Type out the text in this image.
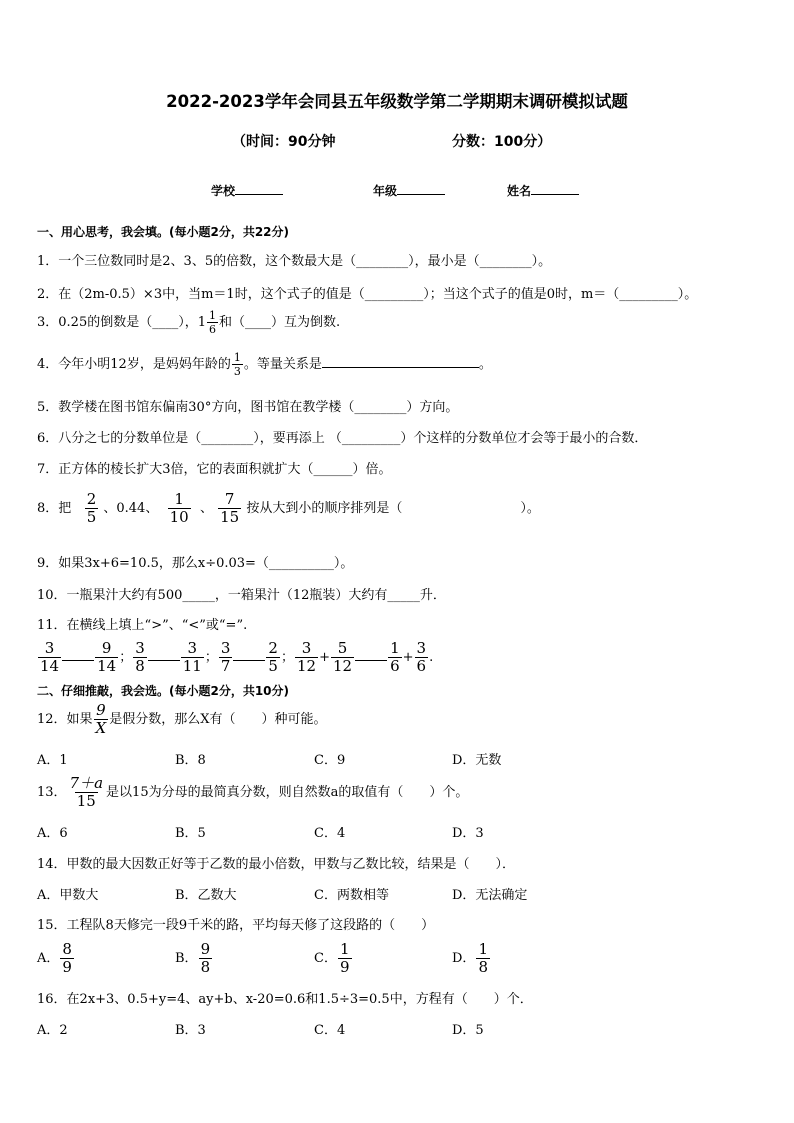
2022-2023学年会同县五年级数学第二学期期末调研模拟试题
（时间：90分钟	分数：100分）
学校	年级	姓名
一、用心思考，我会填。(每小题2分，共22分)
1．一个三位数同时是2、3、5的倍数，这个数最大是（________），最小是（________）。
2．在（2m-0.5）×3中，当m＝1时，这个式子的值是（_________）；当这个式子的值是0时，m＝（_________）。
3．0.25的倒数是（____），$1 \frac{1}{6}$ 和（____）互为倒数.
4．今年小明12岁，是妈妈年龄的 $\frac{1}{3}$ 。等量关系是	。
5．教学楼在图书馆东偏南30°方向，图书馆在教学楼（________）方向。
6．八分之七的分数单位是（________），要再添上 （_________）个这样的分数单位才会等于最小的合数．
7．正方体的棱长扩大3倍，它的表面积就扩大（______）倍。
8．把 $\frac{2}{5}$ 、0.44、 $\frac{1}{10}$ 、 $\frac{7}{15}$ 按从大到小的顺序排列是（	）。
9．如果3x+6=10.5，那么x÷0.03=（__________）。
10．一瓶果汁大约有500_____，一箱果汁（12瓶装）大约有_____升．
11．在横线上填上“>”、“<”或“=”.
$\frac{3}{14} \frac{9}{14}$ ； $\frac{3}{8} \frac{3}{11}$ ； $\frac{3}{7} \frac{2}{5}$ ； $\frac{3}{12} + \frac{5}{12} \frac{1}{6} + \frac{3}{6}$ .
二、仔细推敲，我会选。(每小题2分，共10分)
12．如果 $\frac{9}{X}$ 是假分数，那么X有（　　）种可能。
A．1	B．8	C．9	D．无数
13． $\frac{7+a}{15}$ 是以15为分母的最简真分数，则自然数a的取值有（　　）个。
A．6	B．5	C．4	D．3
14．甲数的最大因数正好等于乙数的最小倍数，甲数与乙数比较，结果是（　　）．
A．甲数大	B．乙数大	C．两数相等	D．无法确定
15．工程队8天修完一段9千米的路，平均每天修了这段路的（　　）
A． $\frac{8}{9}$	B． $\frac{9}{8}$	C． $\frac{1}{9}$	D． $\frac{1}{8}$
16．在2x+3、0.5+y=4、ay+b、x-20=0.6和1.5÷3=0.5中，方程有（　　）个．
A．2	B．3	C．4	D．5
